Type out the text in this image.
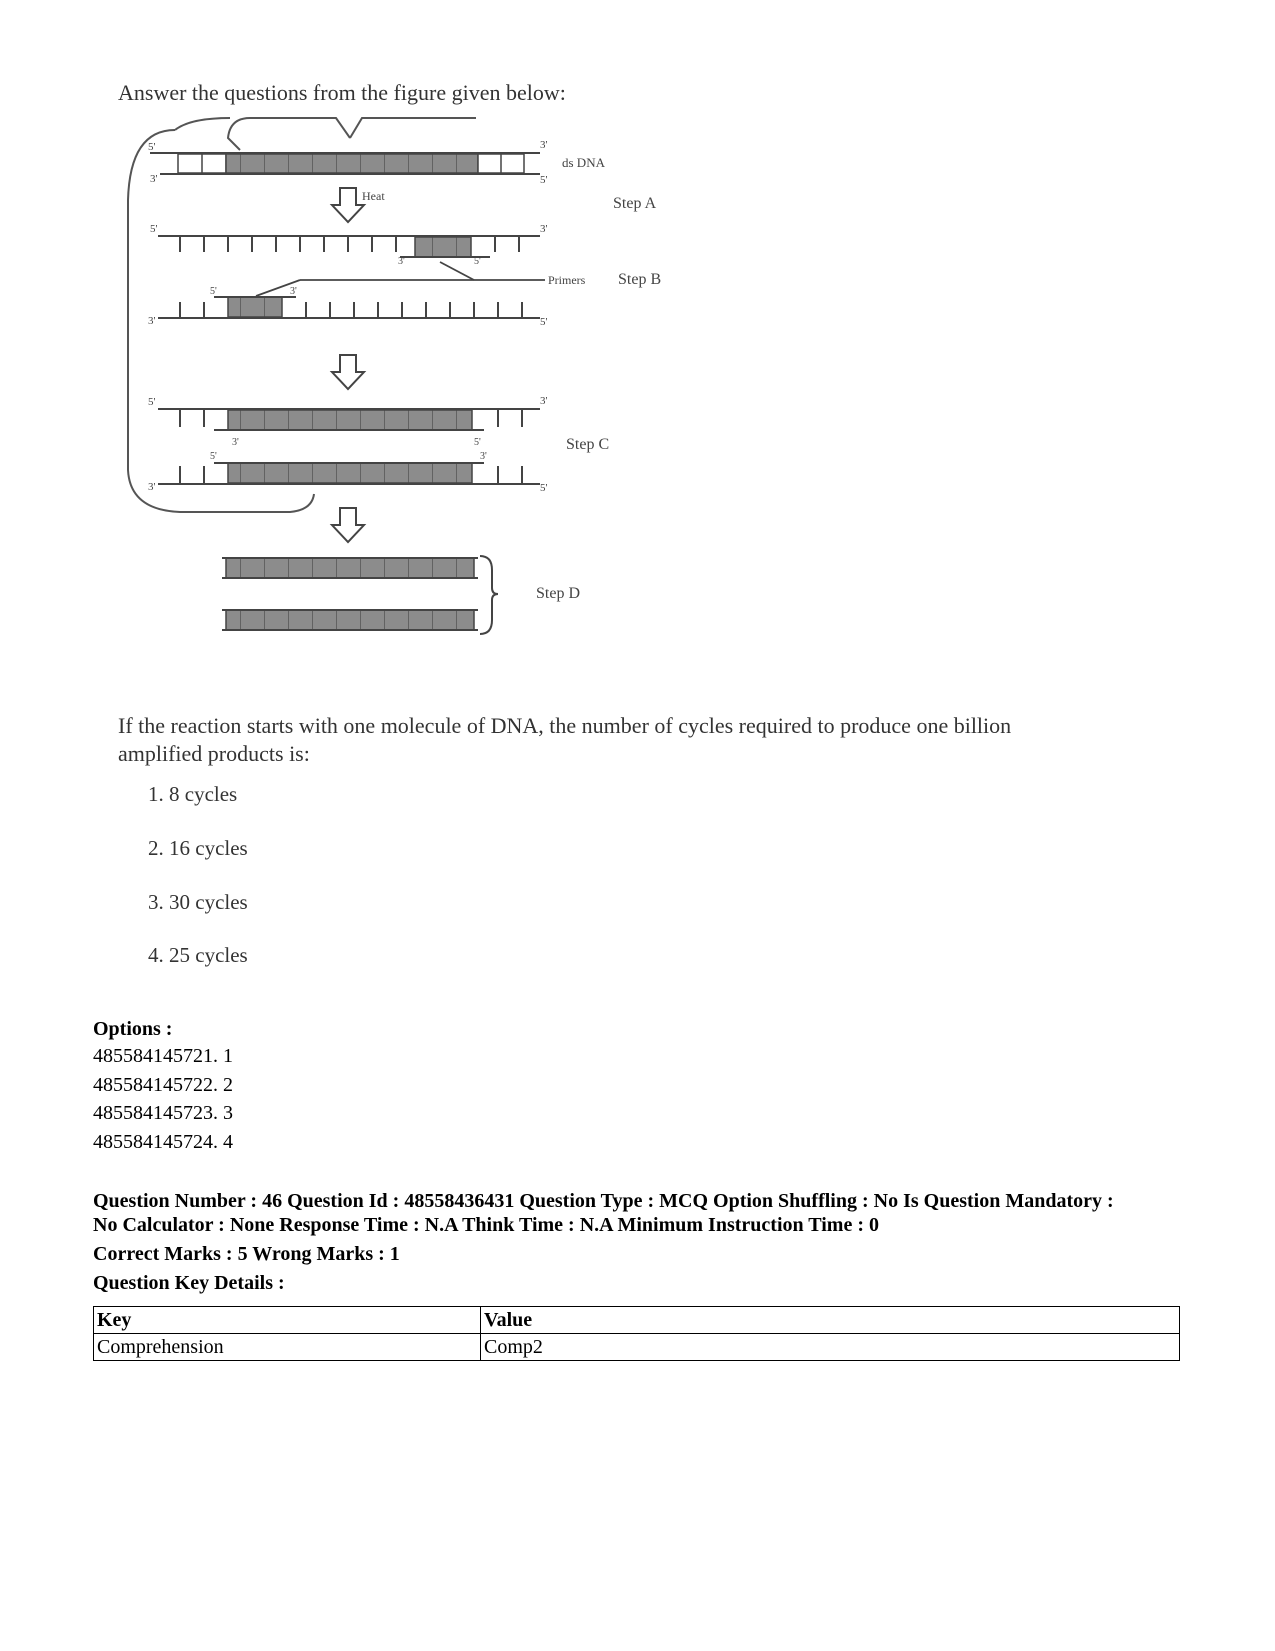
Answer the questions from the figure given below:
5'
3'
3'
5'
ds DNA
Heat	Step A
5'	3'
3'	5'
Primers Step B
5'	3'
3'	5'
5'	3'
3'	5'	Step C
5'	3'
3'	5'
Step D
If the reaction starts with one molecule of DNA, the number of cycles required to produce one billion amplified products is:
1. 8 cycles
2. 16 cycles
3. 30 cycles
4. 25 cycles
Options :
485584145721. 1
485584145722. 2
485584145723. 3
485584145724. 4
Question Number : 46 Question Id : 48558436431 Question Type : MCQ Option Shuffling : No Is Question Mandatory :
No Calculator : None Response Time : N.A Think Time : N.A Minimum Instruction Time : 0
Correct Marks : 5 Wrong Marks : 1
Question Key Details :
Key	Value
Comprehension	Comp2
